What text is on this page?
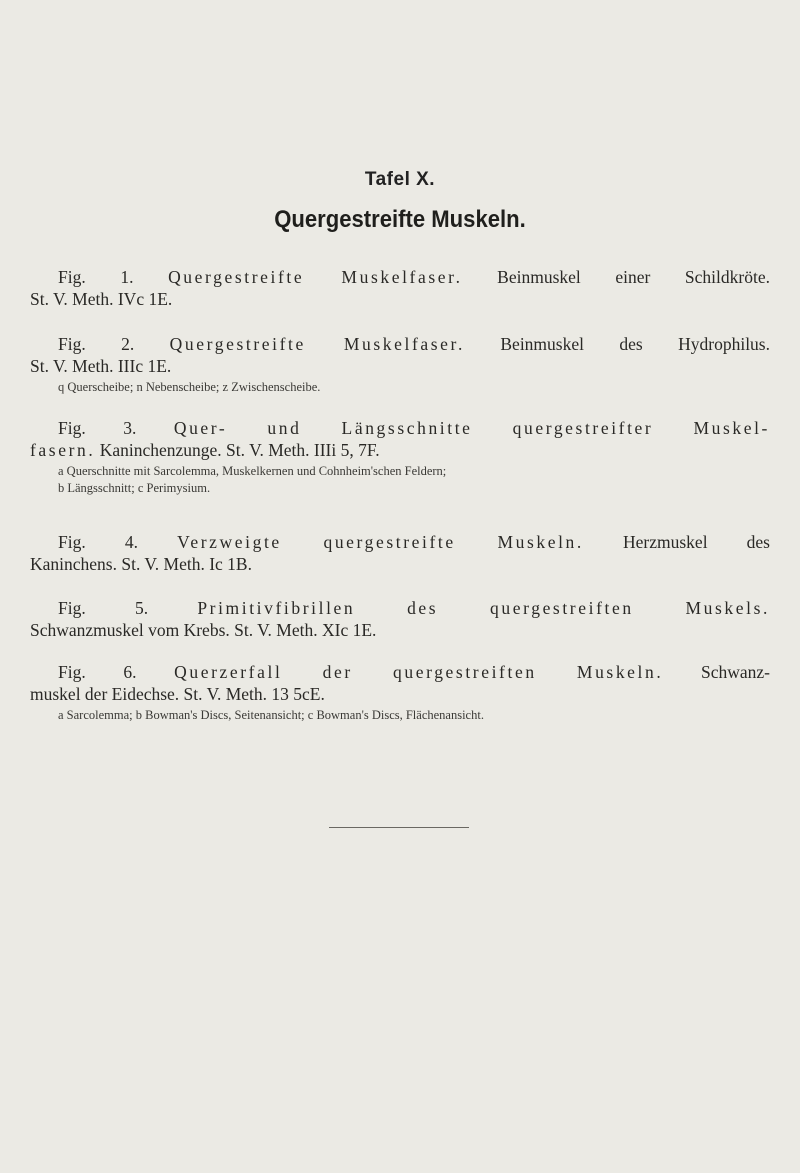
Tafel X.
Quergestreifte Muskeln.

Fig. 1. Quergestreifte Muskelfaser. Beinmuskel einer Schildkröte.

St. V. Meth. IVc 1E.

Fig. 2. Quergestreifte Muskelfaser. Beinmuskel des Hydrophilus.

St. V. Meth. IIIc 1E.

q Querscheibe; n Nebenscheibe; z Zwischenscheibe.

Fig. 3. Quer- und Längsschnitte quergestreifter Muskel-

fasern. Kaninchenzunge. St. V. Meth. IIIi 5, 7F.

a Querschnitte mit Sarcolemma, Muskelkernen und Cohnheim'schen Feldern;

b Längsschnitt; c Perimysium.

Fig. 4. Verzweigte quergestreifte Muskeln. Herzmuskel des

Kaninchens. St. V. Meth. Ic 1B.

Fig. 5.	Primitivfibrillen des quergestreiften Muskels.

Schwanzmuskel vom Krebs. St. V. Meth. XIc 1E.

Fig. 6. Querzerfall der quergestreiften Muskeln. Schwanz-

muskel der Eidechse. St. V. Meth. 13 5cE.

a Sarcolemma; b Bowman's Discs, Seitenansicht; c Bowman's Discs, Flächenansicht.
